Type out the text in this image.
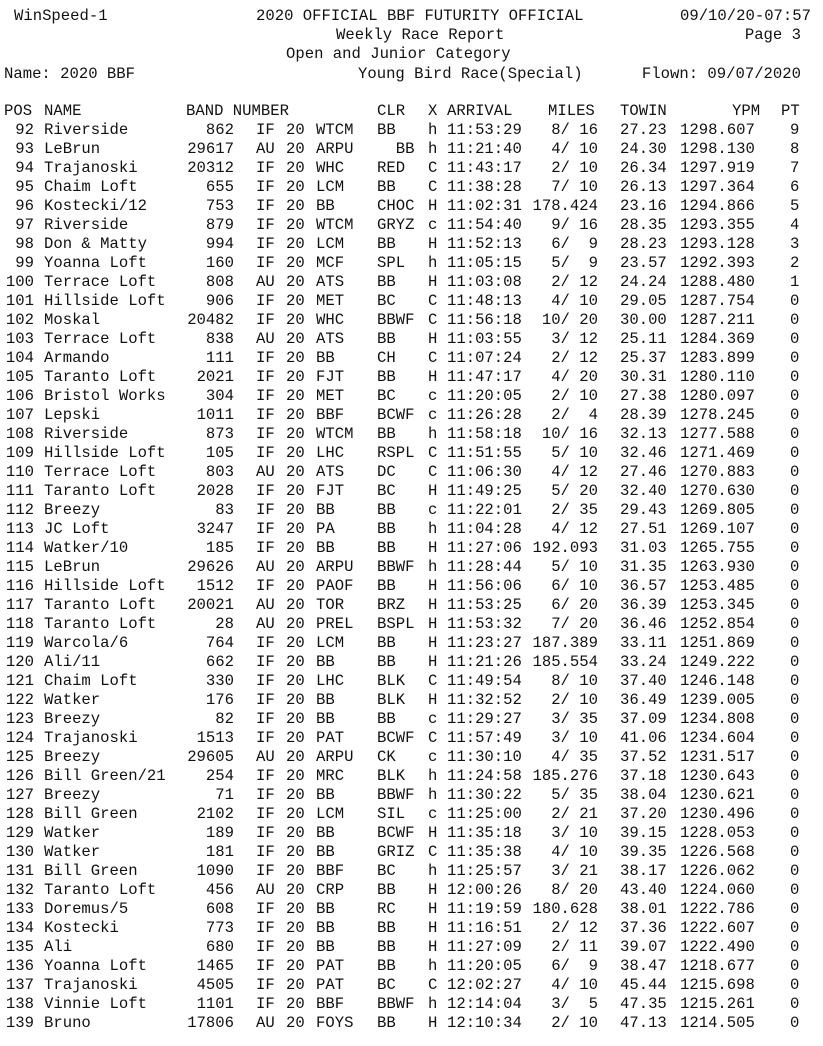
WinSpeed-1	2020 OFFICIAL BBF FUTURITY OFFICIAL	09/10/20-07:57
Weekly Race Report	Page 3
Open and Junior Category
Name: 2020 BBF	Young Bird Race(Special)	Flown: 09/07/2020
POS NAME	BAND NUMBER	CLR X ARRIVAL MILES TOWIN	YPM PT
92 Riverside	862 IF 20 WTCM BB h 11:53:29	8/ 16 27.23 1298.607 9
93 LeBrun	29617 AU 20 ARPU BB h 11:21:40	4/ 10 24.30 1298.130 8
94 Trajanoski	20312 IF 20 WHC RED C 11:43:17	2/ 10 26.34 1297.919 7
95 Chaim Loft	655 IF 20 LCM BB C 11:38:28	7/ 10 26.13 1297.364 6
96 Kostecki/12	753 IF 20 BB	CHOC H 11:02:31 178.424 23.16 1294.866 5
97 Riverside	879 IF 20 WTCM GRYZ c 11:54:40	9/ 16 28.35 1293.355 4
98 Don & Matty	994 IF 20 LCM BB H 11:52:13	6/  9 28.23 1293.128 3
99 Yoanna Loft	160 IF 20 MCF SPL h 11:05:15	5/  9 23.57 1292.393 2
100 Terrace Loft	808 AU 20 ATS BB H 11:03:08	2/ 12 24.24 1288.480 1
101 Hillside Loft	906 IF 20 MET BC C 11:48:13	4/ 10 29.05 1287.754 0
102 Moskal	20482 IF 20 WHC BBWF C 11:56:18	10/ 20 30.00 1287.211 0
103 Terrace Loft	838 AU 20 ATS BB H 11:03:55	3/ 12 25.11 1284.369 0
104 Armando	111 IF 20 BB	CH C 11:07:24	2/ 12 25.37 1283.899 0
105 Taranto Loft	2021 IF 20 FJT BB H 11:47:17	4/ 20 30.31 1280.110 0
106 Bristol Works	304 IF 20 MET BC c 11:20:05	2/ 10 27.38 1280.097 0
107 Lepski	1011 IF 20 BBF BCWF c 11:26:28	2/  4 28.39 1278.245 0
108 Riverside	873 IF 20 WTCM BB h 11:58:18	10/ 16 32.13 1277.588 0
109 Hillside Loft	105 IF 20 LHC RSPL C 11:51:55	5/ 10 32.46 1271.469 0
110 Terrace Loft	803 AU 20 ATS DC C 11:06:30	4/ 12 27.46 1270.883 0
111 Taranto Loft	2028 IF 20 FJT BC H 11:49:25	5/ 20 32.40 1270.630 0
112 Breezy	83 IF 20 BB	BB c 11:22:01	2/ 35 29.43 1269.805 0
113 JC Loft	3247 IF 20 PA	BB h 11:04:28	4/ 12 27.51 1269.107 0
114 Watker/10	185 IF 20 BB	BB H 11:27:06 192.093 31.03 1265.755 0
115 LeBrun	29626 AU 20 ARPU BBWF h 11:28:44	5/ 10 31.35 1263.930 0
116 Hillside Loft	1512 IF 20 PAOF BB H 11:56:06	6/ 10 36.57 1253.485 0
117 Taranto Loft 20021 AU 20 TOR BRZ H 11:53:25	6/ 20 36.39 1253.345 0
118 Taranto Loft	28 AU 20 PREL BSPL H 11:53:32	7/ 20 36.46 1252.854 0
119 Warcola/6	764 IF 20 LCM BB H 11:23:27 187.389 33.11 1251.869 0
120 Ali/11	662 IF 20 BB	BB H 11:21:26 185.554 33.24 1249.222 0
121 Chaim Loft	330 IF 20 LHC BLK C 11:49:54	8/ 10 37.40 1246.148 0
122 Watker	176 IF 20 BB	BLK H 11:32:52	2/ 10 36.49 1239.005 0
123 Breezy	82 IF 20 BB	BB c 11:29:27	3/ 35 37.09 1234.808 0
124 Trajanoski	1513 IF 20 PAT BCWF C 11:57:49	3/ 10 41.06 1234.604 0
125 Breezy	29605 AU 20 ARPU CK c 11:30:10	4/ 35 37.52 1231.517 0
126 Bill Green/21	254 IF 20 MRC BLK h 11:24:58 185.276 37.18 1230.643 0
127 Breezy	71 IF 20 BB	BBWF h 11:30:22	5/ 35 38.04 1230.621 0
128 Bill Green	2102 IF 20 LCM SIL c 11:25:00	2/ 21 37.20 1230.496 0
129 Watker	189 IF 20 BB	BCWF H 11:35:18	3/ 10 39.15 1228.053 0
130 Watker	181 IF 20 BB	GRIZ C 11:35:38	4/ 10 39.35 1226.568 0
131 Bill Green	1090 IF 20 BBF BC h 11:25:57	3/ 21 38.17 1226.062 0
132 Taranto Loft	456 AU 20 CRP BB H 12:00:26	8/ 20 43.40 1224.060 0
133 Doremus/5	608 IF 20 BB	RC H 11:19:59 180.628 38.01 1222.786 0
134 Kostecki	773 IF 20 BB	BB H 11:16:51	2/ 12 37.36 1222.607 0
135 Ali	680 IF 20 BB	BB H 11:27:09	2/ 11 39.07 1222.490 0
136 Yoanna Loft	1465 IF 20 PAT BB h 11:20:05	6/  9 38.47 1218.677 0
137 Trajanoski	4505 IF 20 PAT BC C 12:02:27	4/ 10 45.44 1215.698 0
138 Vinnie Loft	1101 IF 20 BBF BBWF h 12:14:04	3/  5 47.35 1215.261 0
139 Bruno	17806 AU 20 FOYS BB H 12:10:34	2/ 10 47.13 1214.505 0
